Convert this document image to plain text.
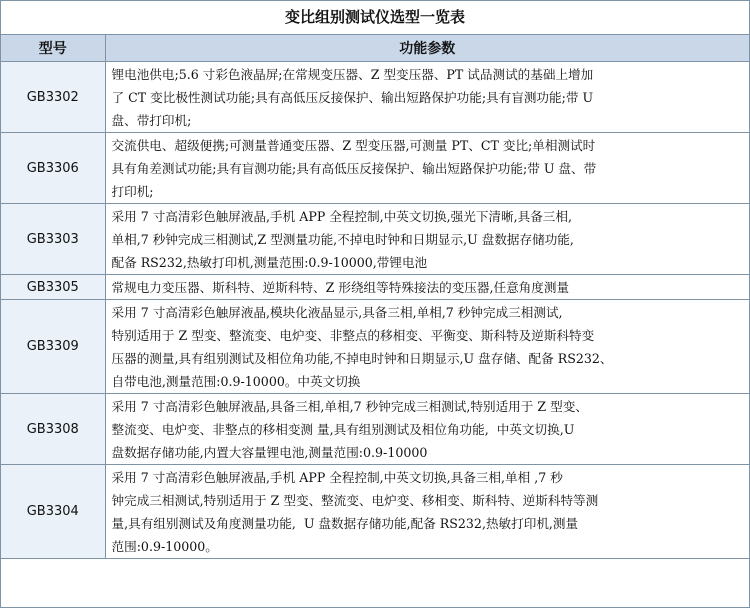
变比组别测试仪选型一览表
型号	功能参数
GB3302	锂电池供电;5.6 寸彩色液晶屏;在常规变压器、Z 型变压器、PT 试品测试的基础上增加
了 CT 变比极性测试功能;具有高低压反接保护、输出短路保护功能;具有盲测功能;带 U
盘、带打印机;

GB3306	交流供电、超级便携;可测量普通变压器、Z 型变压器,可测量 PT、CT 变比;单相测试时
具有角差测试功能;具有盲测功能;具有高低压反接保护、输出短路保护功能;带 U 盘、带
打印机;

GB3303	采用 7 寸高清彩色触屏液晶,手机 APP 全程控制,中英文切换,强光下清晰,具备三相,
单相,7 秒钟完成三相测试,Z 型测量功能,不掉电时钟和日期显示,U 盘数据存储功能,
配备 RS232,热敏打印机,测量范围:0.9-10000,带锂电池

GB3305	常规电力变压器、斯科特、逆斯科特、Z 形绕组等特殊接法的变压器,任意角度测量

GB3309	采用 7 寸高清彩色触屏液晶,模块化液晶显示,具备三相,单相,7 秒钟完成三相测试,
特别适用于 Z 型变、整流变、电炉变、非整点的移相变、平衡变、斯科特及逆斯科特变
压器的测量,具有组别测试及相位角功能,不掉电时钟和日期显示,U 盘存储、配备 RS232、
自带电池,测量范围:0.9-10000。中英文切换

GB3308	采用 7 寸高清彩色触屏液晶,具备三相,单相,7 秒钟完成三相测试,特别适用于 Z 型变、
整流变、电炉变、非整点的移相变测 量,具有组别测试及相位角功能,  中英文切换,U
盘数据存储功能,内置大容量锂电池,测量范围:0.9-10000

GB3304	采用 7 寸高清彩色触屏液晶,手机 APP 全程控制,中英文切换,具备三相,单相 ,7 秒
钟完成三相测试,特别适用于 Z 型变、整流变、电炉变、移相变、斯科特、逆斯科特等测
量,具有组别测试及角度测量功能,  U 盘数据存储功能,配备 RS232,热敏打印机,测量
范围:0.9-10000。
